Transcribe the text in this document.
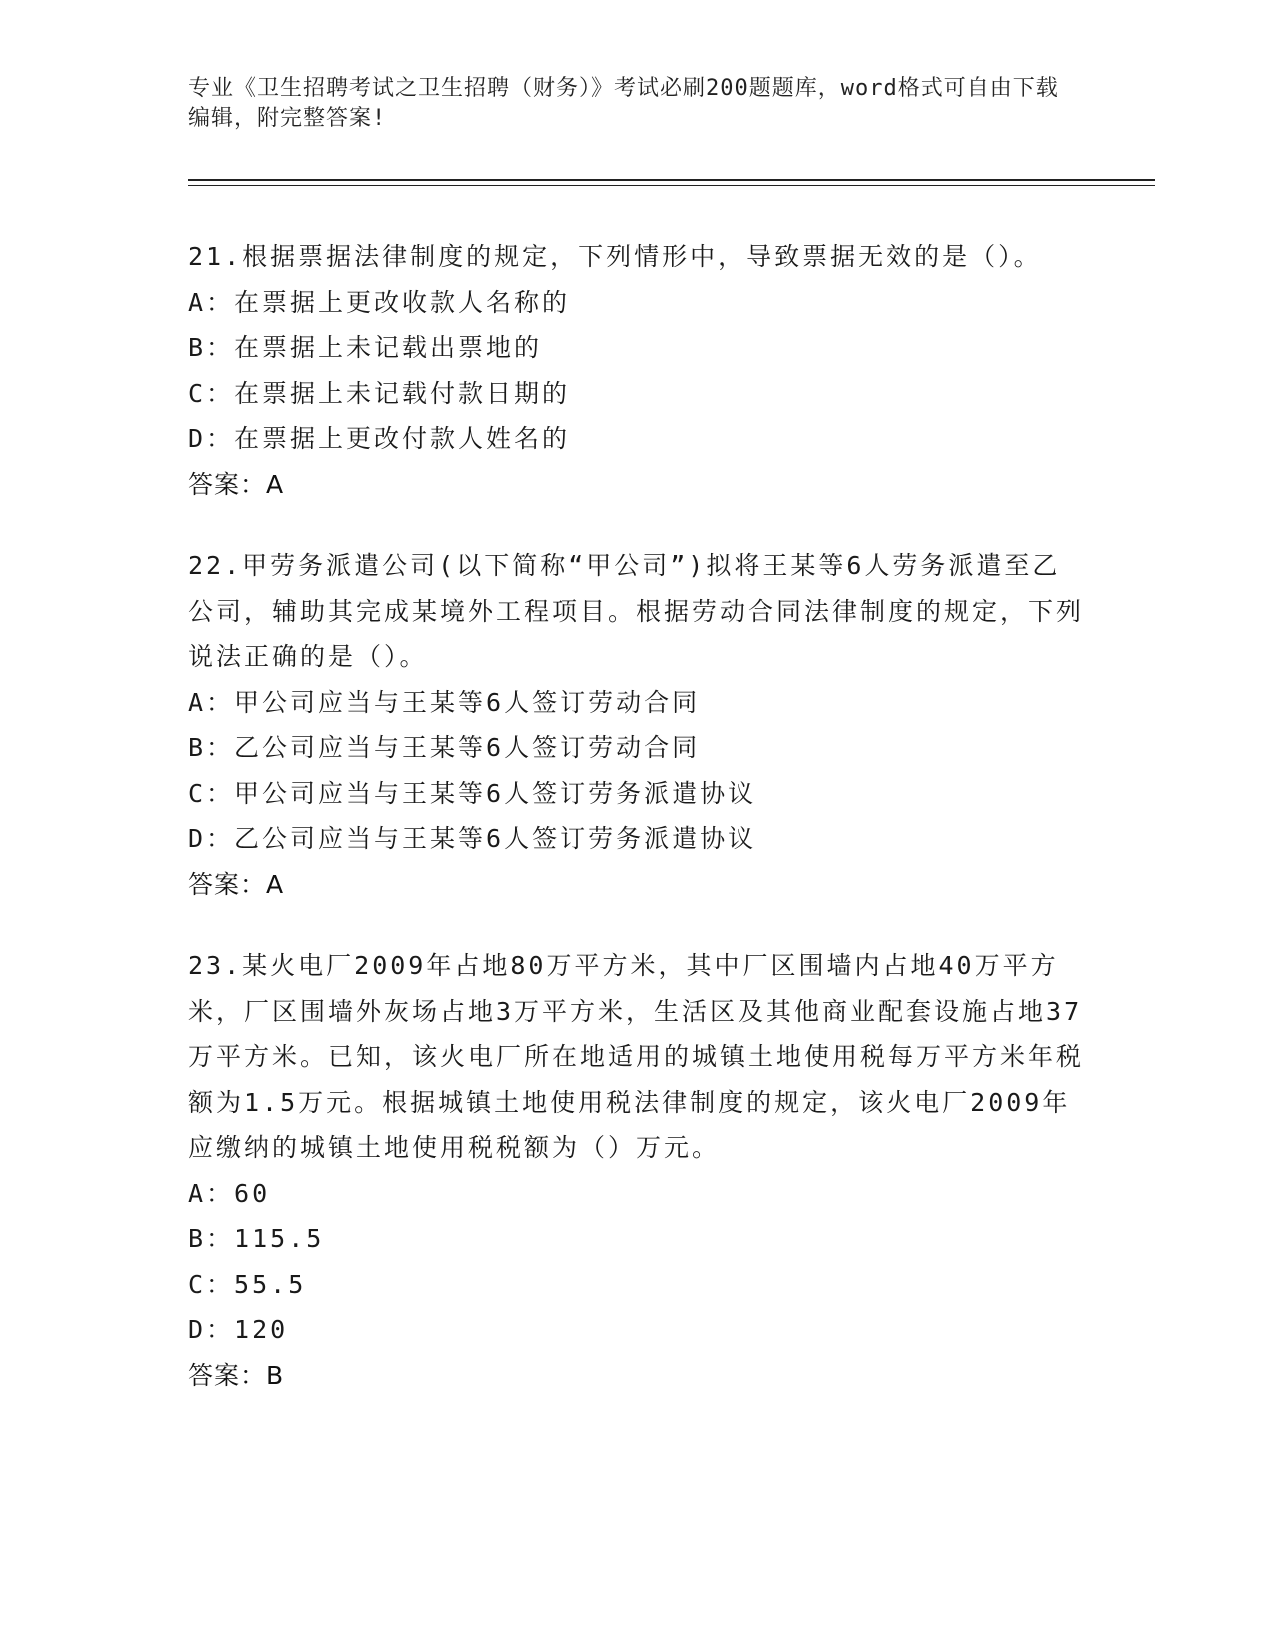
专业《卫生招聘考试之卫生招聘（财务）》考试必刷200题题库，word格式可自由下载编辑，附完整答案!

21.根据票据法律制度的规定，下列情形中，导致票据无效的是（）。

A：在票据上更改收款人名称的

B：在票据上未记载出票地的

C：在票据上未记载付款日期的

D：在票据上更改付款人姓名的

答案：A

22.甲劳务派遣公司(以下简称“甲公司”)拟将王某等6人劳务派遣至乙公司，辅助其完成某境外工程项目。根据劳动合同法律制度的规定，下列说法正确的是（）。

A：甲公司应当与王某等6人签订劳动合同

B：乙公司应当与王某等6人签订劳动合同

C：甲公司应当与王某等6人签订劳务派遣协议

D：乙公司应当与王某等6人签订劳务派遣协议

答案：A

23.某火电厂2009年占地80万平方米，其中厂区围墙内占地40万平方米，厂区围墙外灰场占地3万平方米，生活区及其他商业配套设施占地37万平方米。已知，该火电厂所在地适用的城镇土地使用税每万平方米年税额为1.5万元。根据城镇土地使用税法律制度的规定，该火电厂2009年应缴纳的城镇土地使用税税额为（）万元。

A：60

B：115.5

C：55.5

D：120

答案：B
